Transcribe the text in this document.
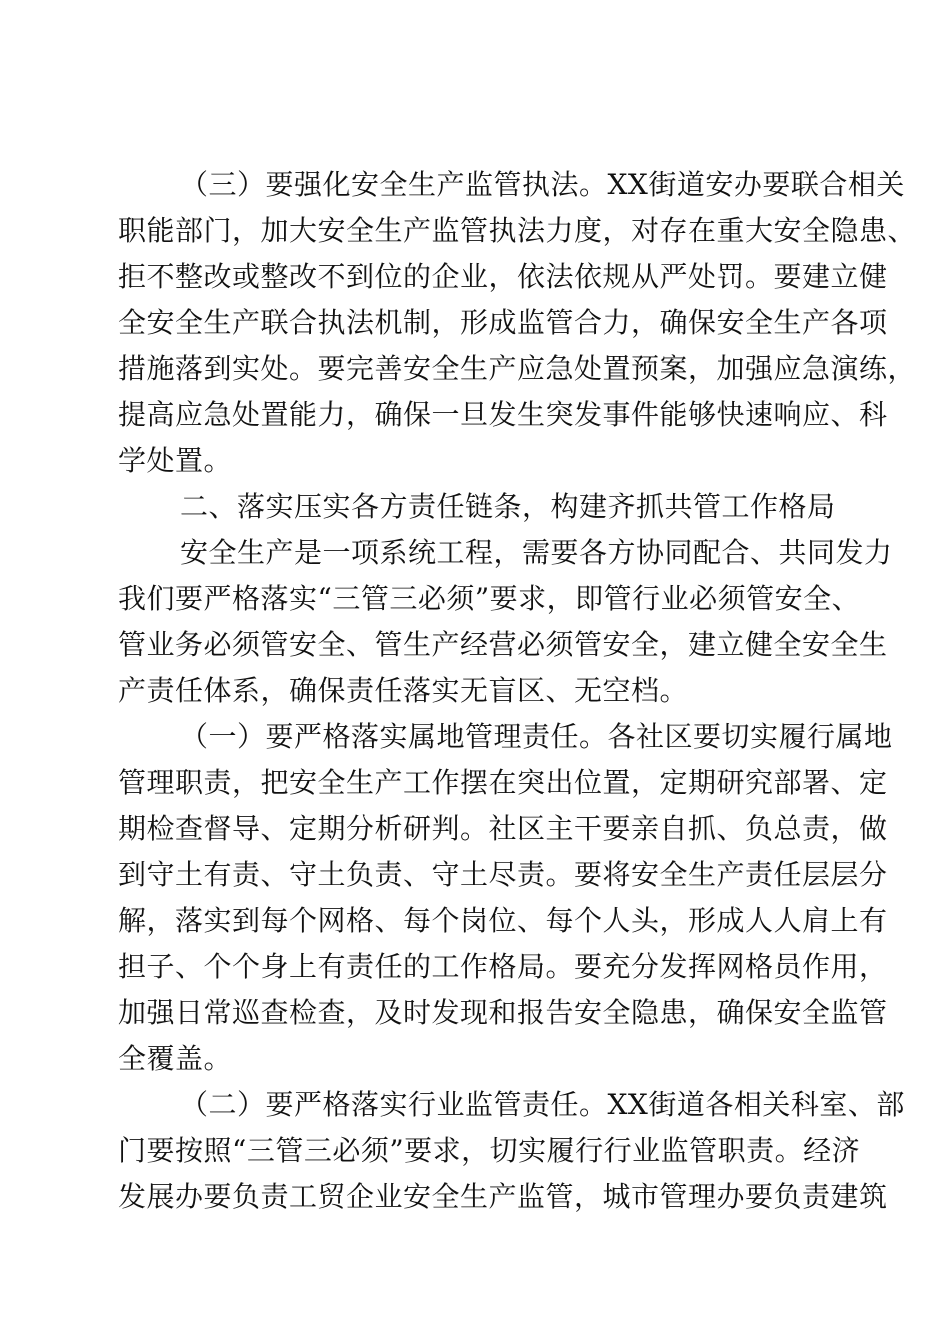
（三）要强化安全生产监管执法。XX街道安办要联合相关
职能部门，加大安全生产监管执法力度，对存在重大安全隐患、
拒不整改或整改不到位的企业，依法依规从严处罚。要建立健
全安全生产联合执法机制，形成监管合力，确保安全生产各项
措施落到实处。要完善安全生产应急处置预案，加强应急演练，
提高应急处置能力，确保一旦发生突发事件能够快速响应、科
学处置。
二、落实压实各方责任链条，构建齐抓共管工作格局
安全生产是一项系统工程，需要各方协同配合、共同发力
我们要严格落实“三管三必须”要求，即管行业必须管安全、
管业务必须管安全、管生产经营必须管安全，建立健全安全生
产责任体系，确保责任落实无盲区、无空档。
（一）要严格落实属地管理责任。各社区要切实履行属地
管理职责，把安全生产工作摆在突出位置，定期研究部署、定
期检查督导、定期分析研判。社区主干要亲自抓、负总责，做
到守土有责、守土负责、守土尽责。要将安全生产责任层层分
解，落实到每个网格、每个岗位、每个人头，形成人人肩上有
担子、个个身上有责任的工作格局。要充分发挥网格员作用，
加强日常巡查检查，及时发现和报告安全隐患，确保安全监管
全覆盖。
（二）要严格落实行业监管责任。XX街道各相关科室、部
门要按照“三管三必须”要求，切实履行行业监管职责。经济
发展办要负责工贸企业安全生产监管，城市管理办要负责建筑
